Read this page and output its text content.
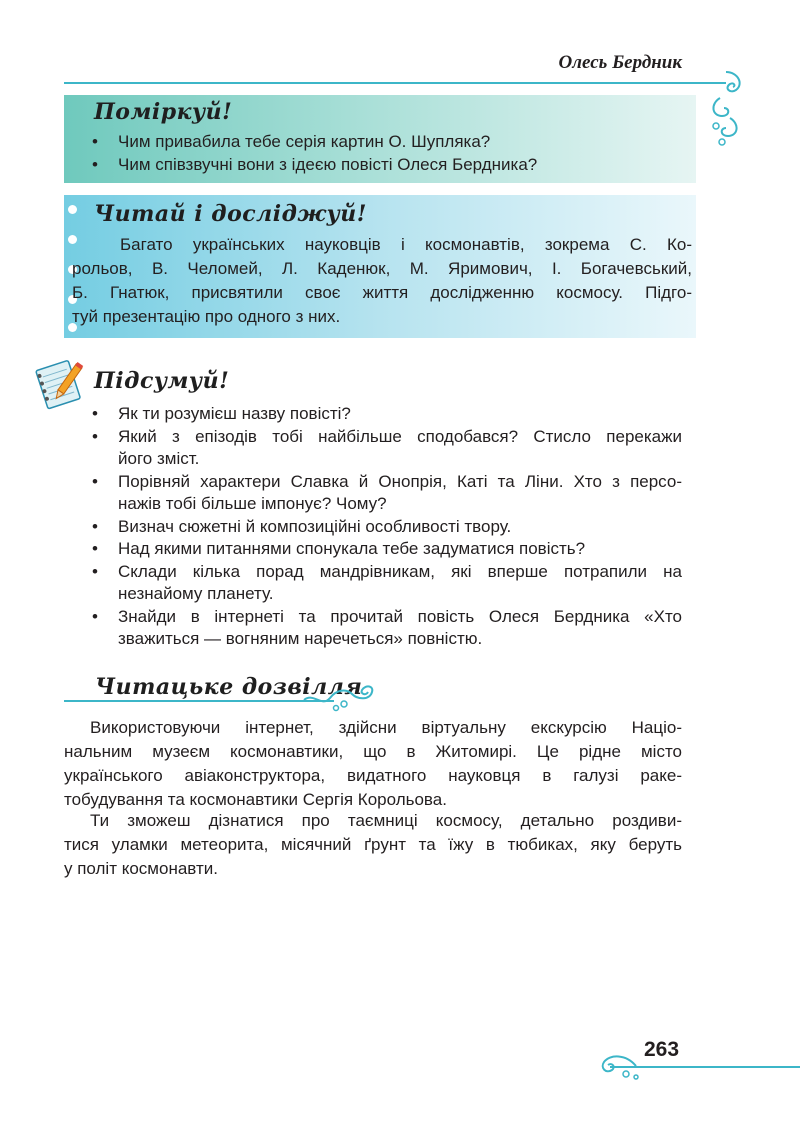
Олесь Бердник
Поміркуй!
• Чим привабила тебе серія картин О. Шупляка?
• Чим співзвучні вони з ідеєю повісті Олеся Бердника?
Читай і досліджуй!
Багато українських науковців і космонавтів, зокрема С. Ко-
рольов, В. Челомей, Л. Каденюк, М. Яримович, І. Богачевський,
Б. Гнатюк, присвятили своє життя дослідженню космосу. Підго-
туй презентацію про одного з них.
Підсумуй!
• Як ти розумієш назву повісті?
• Який з епізодів тобі найбільше сподобався? Стисло перекажи
його зміст.
• Порівняй характери Славка й Онопрія, Каті та Ліни. Хто з персо-
нажів тобі більше імпонує? Чому?
• Визнач сюжетні й композиційні особливості твору.
• Над якими питаннями спонукала тебе задуматися повість?
• Склади кілька порад мандрівникам, які вперше потрапили на
незнайому планету.
• Знайди в інтернеті та прочитай повість Олеся Бердника «Хто
зважиться — вогняним наречеться» повністю.
Читацьке дозвілля
Використовуючи інтернет, здійсни віртуальну екскурсію Націо-
нальним музеєм космонавтики, що в Житомирі. Це рідне місто
українського авіаконструктора, видатного науковця в галузі раке-
тобудування та космонавтики Сергія Корольова.
Ти зможеш дізнатися про таємниці космосу, детально роздиви-
тися уламки метеорита, місячний ґрунт та їжу в тюбиках, яку беруть
у політ космонавти.
263
